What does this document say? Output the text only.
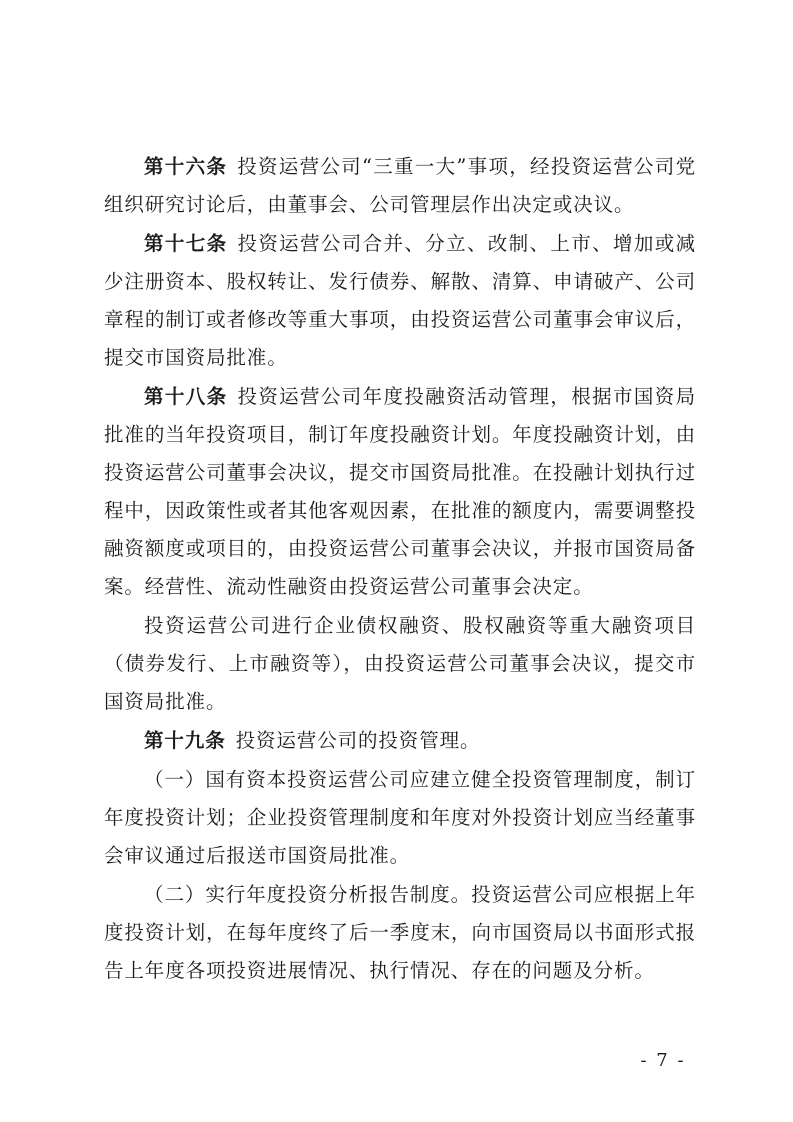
第十六条 投资运营公司“三重一大”事项，经投资运营公司党组织研究讨论后，由董事会、公司管理层作出决定或决议。

第十七条 投资运营公司合并、分立、改制、上市、增加或减少注册资本、股权转让、发行债券、解散、清算、申请破产、公司章程的制订或者修改等重大事项，由投资运营公司董事会审议后，提交市国资局批准。

第十八条 投资运营公司年度投融资活动管理，根据市国资局批准的当年投资项目，制订年度投融资计划。年度投融资计划，由投资运营公司董事会决议，提交市国资局批准。在投融计划执行过程中，因政策性或者其他客观因素，在批准的额度内，需要调整投融资额度或项目的，由投资运营公司董事会决议，并报市国资局备案。经营性、流动性融资由投资运营公司董事会决定。

投资运营公司进行企业债权融资、股权融资等重大融资项目（债券发行、上市融资等），由投资运营公司董事会决议，提交市国资局批准。

第十九条 投资运营公司的投资管理。

（一）国有资本投资运营公司应建立健全投资管理制度，制订年度投资计划；企业投资管理制度和年度对外投资计划应当经董事会审议通过后报送市国资局批准。

（二）实行年度投资分析报告制度。投资运营公司应根据上年度投资计划，在每年度终了后一季度末，向市国资局以书面形式报告上年度各项投资进展情况、执行情况、存在的问题及分析。

- 7 -
